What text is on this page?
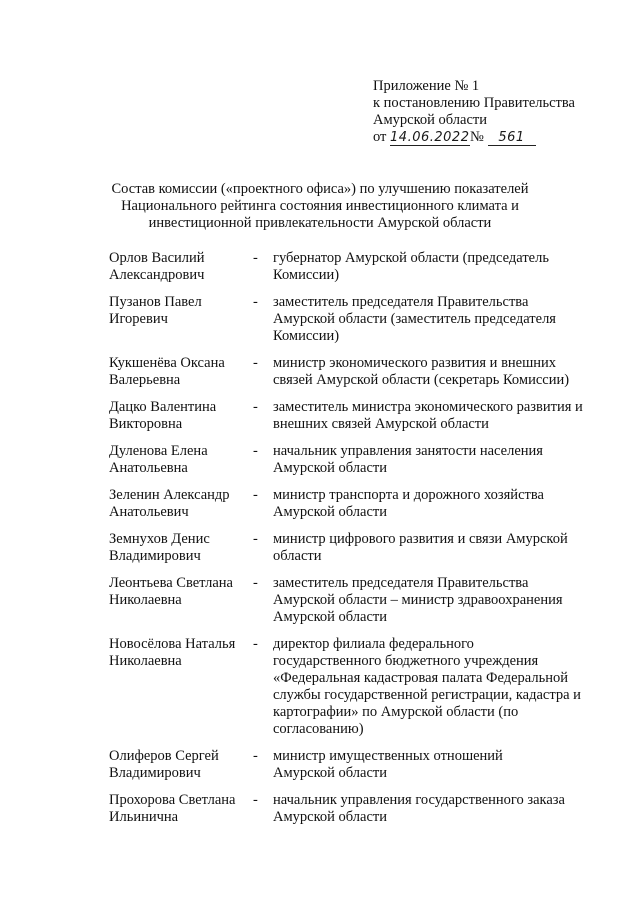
Приложение № 1
к постановлению Правительства
Амурской области
от 14.06.2022№ 561
Состав комиссии («проектного офиса») по улучшению показателей
Национального рейтинга состояния инвестиционного климата и
инвестиционной привлекательности Амурской области
Орлов Василий
Александрович
-	губернатор Амурской области (председатель
Комиссии)
Пузанов Павел
Игоревич
-	заместитель председателя Правительства
Амурской области (заместитель председателя
Комиссии)
Кукшенёва Оксана
Валерьевна
-	министр экономического развития и внешних
связей Амурской области (секретарь Комиссии)
Дацко Валентина
Викторовна
-	заместитель министра экономического развития и
внешних связей Амурской области
Дуленова Елена
Анатольевна
-	начальник управления занятости населения
Амурской области
Зеленин Александр
Анатольевич
-	министр транспорта и дорожного хозяйства
Амурской области
Земнухов Денис
Владимирович
-	министр цифрового развития и связи Амурской
области
Леонтьева Светлана
Николаевна
-	заместитель председателя Правительства
Амурской области – министр здравоохранения
Амурской области
Новосёлова Наталья
Николаевна
-	директор филиала федерального
государственного бюджетного учреждения
«Федеральная кадастровая палата Федеральной
службы государственной регистрации, кадастра и
картографии» по Амурской области (по
согласованию)
Олиферов Сергей
Владимирович
-	министр имущественных отношений
Амурской области
Прохорова Светлана
Ильинична
-	начальник управления государственного заказа
Амурской области
